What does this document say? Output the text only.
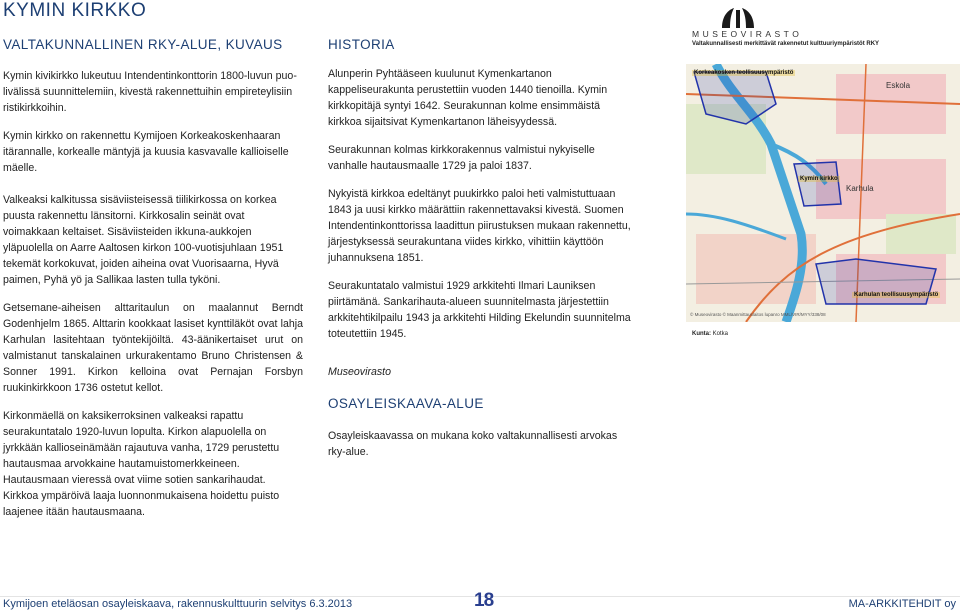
KYMIN KIRKKO
VALTAKUNNALLINEN RKY-ALUE, KUVAUS

Kymin kivikirkko lukeutuu Intendentinkonttorin 1800-luvun puo-livälissä suunnittelemiin, kivestä rakennettuihin empireteylisiin ristikirkkoihin.

Kymin kirkko on rakennettu Kymijoen Korkeakoskenhaaran itärannalle, korkealle mäntyjä ja kuusia kasvavalle kallioiselle mäelle.

Valkeaksi kalkitussa sisäviisteisessä tiilikirkossa on korkea puusta rakennettu länsitorni. Kirkkosalin seinät ovat voimakkaan keltaiset. Sisäviisteiden ikkuna-aukkojen yläpuolella on Aarre Aaltosen kirkon 100-vuotisjuhlaan 1951 tekemät korkokuvat, joiden aiheina ovat Vuorisaarna, Hyvä paimen, Pyhä yö ja Sallikaa lasten tulla tyköni.

Getsemane-aiheisen alttaritaulun on maalannut Berndt Godenhjelm 1865. Alttarin kookkaat lasiset kynttiläköt ovat lahja Karhulan lasitehtaan työntekijöiltä. 43-äänikertaiset urut on valmistanut tanskalainen urkurakentamo Bruno Christensen & Sonner 1991. Kirkon kelloina ovat Pernajan Forsbyn ruukinkirkkoon 1736 ostetut kellot.

Kirkonmäellä on kaksikerroksinen valkeaksi rapattu seurakuntatalo 1920-luvun lopulta. Kirkon alapuolella on jyrkkään kallioseinämään rajautuva vanha, 1729 perustettu hautausmaa arvokkaine hautamuistomerkkeineen. Hautausmaan vieressä ovat viime sotien sankarihaudat. Kirkkoa ympäröivä laaja luonnonmukaisena hoidettu puisto laajenee itään hautausmaana.

HISTORIA

Alunperin Pyhtääseen kuulunut Kymenkartanon kappeliseurakunta perustettiin vuoden 1440 tienoilla. Kymin kirkkopitäjä syntyi 1642. Seurakunnan kolme ensimmäistä kirkkoa sijaitsivat Kymenkartanon läheisyydessä.

Seurakunnan kolmas kirkkorakennus valmistui nykyiselle vanhalle hautausmaalle 1729 ja paloi 1837.

Nykyistä kirkkoa edeltänyt puukirkko paloi heti valmistuttuaan 1843 ja uusi kirkko määrättiin rakennettavaksi kivestä. Suomen Intendentinkonttorissa laadittun piirustuksen mukaan rakennettu, järjestyksessä seurakuntana viides kirkko, vihittiin käyttöön juhannuksena 1851.

Seurakuntatalo valmistui 1929 arkkitehti Ilmari Launiksen piirtämänä. Sankarihauta-alueen suunnitelmasta järjestettiin arkkitehtikilpailu 1943 ja arkkitehti Hilding Ekelundin suunnitelma toteutettiin 1945.

Museovirasto
OSAYLEISKAAVA-ALUE
Osayleiskaavassa on mukana koko valtakunnallisesti arvokas rky-alue.
MUSEOVIRASTO
Valtakunnallisesti merkittävät rakennetut kulttuuriympäristöt RKY
Korkeakosken teollisuusympäristö
Kymin kirkko
Karhulan teollisuusympäristö
Eskola
Karhula
© Museovirasto © Maanmittauslaitos lupanro MML/VIR/MYY/338/08
Kunta: Kotka
Kymijoen eteläosan osayleiskaava, rakennuskulttuurin selvitys 6.3.2013	18	MA-ARKKITEHDIT oy
